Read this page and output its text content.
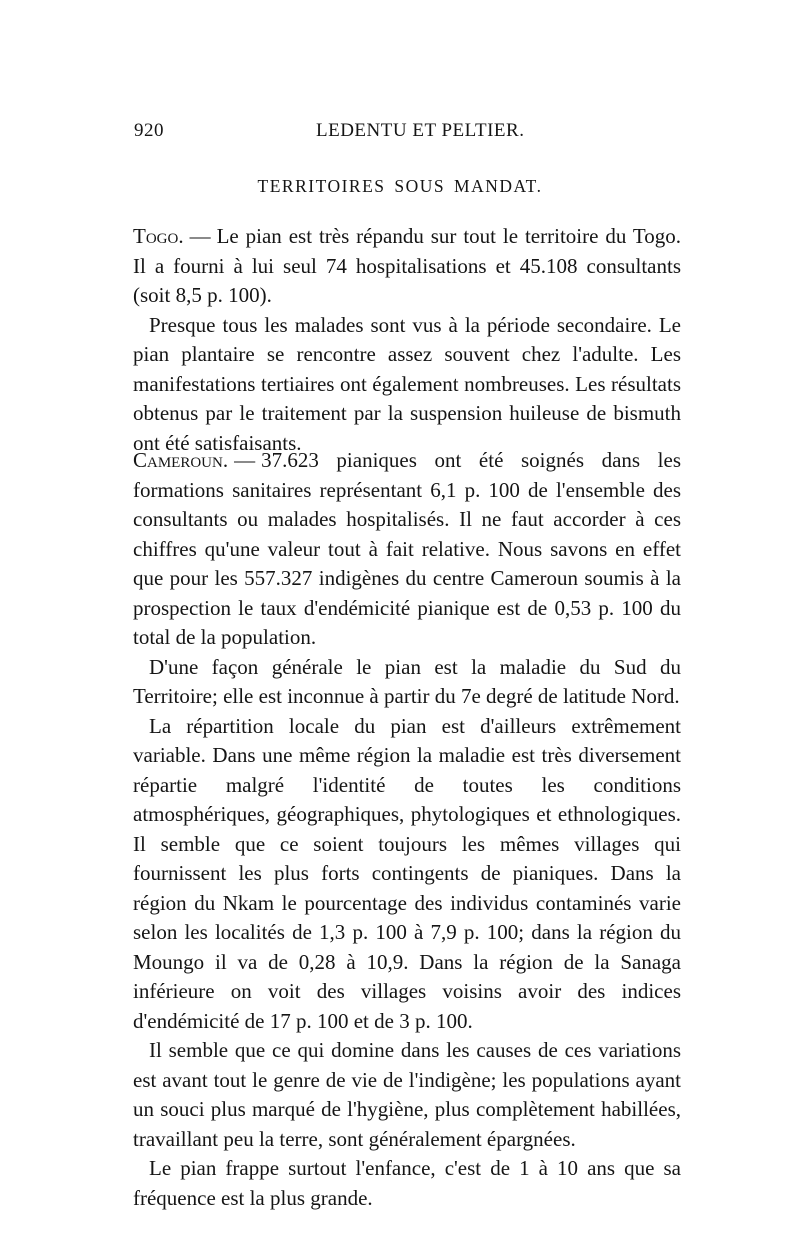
920	LEDENTU ET PELTIER.
TERRITOIRES SOUS MANDAT.

Togo. — Le pian est très répandu sur tout le territoire du Togo. Il a fourni à lui seul 74 hospitalisations et 45.108 consultants (soit 8,5 p. 100).

Presque tous les malades sont vus à la période secondaire. Le pian plantaire se rencontre assez souvent chez l'adulte. Les manifestations tertiaires ont également nombreuses. Les résultats obtenus par le traitement par la suspension huileuse de bismuth ont été satisfaisants.

Cameroun. — 37.623 pianiques ont été soignés dans les formations sanitaires représentant 6,1 p. 100 de l'ensemble des consultants ou malades hospitalisés. Il ne faut accorder à ces chiffres qu'une valeur tout à fait relative. Nous savons en effet que pour les 557.327 indigènes du centre Cameroun soumis à la prospection le taux d'endémicité pianique est de 0,53 p. 100 du total de la population.

D'une façon générale le pian est la maladie du Sud du Territoire; elle est inconnue à partir du 7e degré de latitude Nord.

La répartition locale du pian est d'ailleurs extrêmement variable. Dans une même région la maladie est très diversement répartie malgré l'identité de toutes les conditions atmosphériques, géographiques, phytologiques et ethnologiques. Il semble que ce soient toujours les mêmes villages qui fournissent les plus forts contingents de pianiques. Dans la région du Nkam le pourcentage des individus contaminés varie selon les localités de 1,3 p. 100 à 7,9 p. 100; dans la région du Moungo il va de 0,28 à 10,9. Dans la région de la Sanaga inférieure on voit des villages voisins avoir des indices d'endémicité de 17 p. 100 et de 3 p. 100.

Il semble que ce qui domine dans les causes de ces variations est avant tout le genre de vie de l'indigène; les populations ayant un souci plus marqué de l'hygiène, plus complètement habillées, travaillant peu la terre, sont généralement épargnées.

Le pian frappe surtout l'enfance, c'est de 1 à 10 ans que sa fréquence est la plus grande.
